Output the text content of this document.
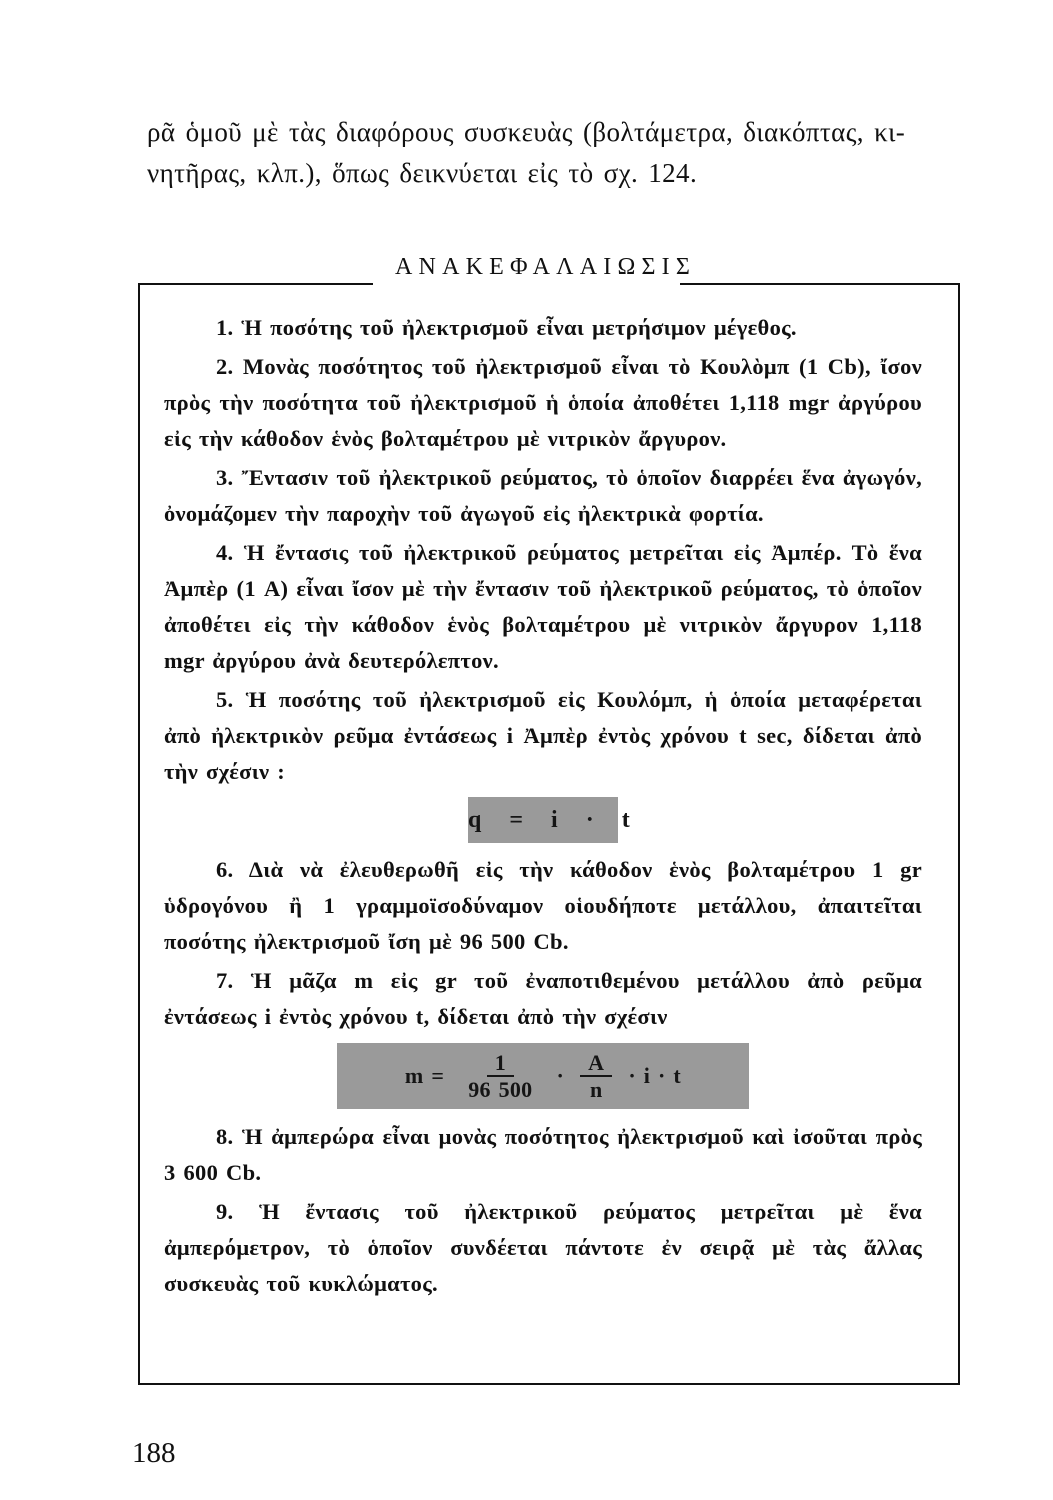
ρᾶ ὁμοῦ μὲ τὰς διαφόρους συσκευὰς (βολτάμετρα, διακόπτας, κι-

νητῆρας, κλπ.), ὅπως δεικνύεται εἰς τὸ σχ. 124.

ΑΝΑΚΕΦΑΛΑΙΩΣΙΣ

1. Ἡ ποσότης τοῦ ἠλεκτρισμοῦ εἶναι μετρήσιμον μέγεθος.

2. Μονὰς ποσότητος τοῦ ἠλεκτρισμοῦ εἶναι τὸ Κουλὸμπ (1 Cb), ἴσον πρὸς τὴν ποσότητα τοῦ ἠλεκτρισμοῦ ἡ ὁποία ἀποθέτει 1,118 mgr ἀργύρου εἰς τὴν κάθοδον ἑνὸς βολταμέτρου μὲ νιτρικὸν ἄργυρον.

3. Ἔντασιν τοῦ ἠλεκτρικοῦ ρεύματος, τὸ ὁποῖον διαρρέει ἕνα ἀγωγόν, ὀνομάζομεν τὴν παροχὴν τοῦ ἀγωγοῦ εἰς ἠλεκτρικὰ φορτία.

4. Ἡ ἔντασις τοῦ ἠλεκτρικοῦ ρεύματος μετρεῖται εἰς Ἀμπέρ. Τὸ ἕνα Ἀμπὲρ (1 A) εἶναι ἴσον μὲ τὴν ἔντασιν τοῦ ἠλεκτρικοῦ ρεύματος, τὸ ὁποῖον ἀποθέτει εἰς τὴν κάθοδον ἑνὸς βολταμέτρου μὲ νιτρικὸν ἄργυρον 1,118 mgr ἀργύρου ἀνὰ δευτερόλεπτον.

5. Ἡ ποσότης τοῦ ἠλεκτρισμοῦ εἰς Κουλόμπ, ἡ ὁποία μεταφέρεται ἀπὸ ἠλεκτρικὸν ρεῦμα ἐντάσεως i Ἀμπὲρ ἐντὸς χρόνου t sec, δίδεται ἀπὸ τὴν σχέσιν :

q = i · t

6. Διὰ νὰ ἐλευθερωθῆ εἰς τὴν κάθοδον ἑνὸς βολταμέτρου 1 gr ὑδρογόνου ἢ 1 γραμμοϊσοδύναμον οἱουδήποτε μετάλλου, ἀπαιτεῖται ποσότης ἠλεκτρισμοῦ ἴση μὲ 96 500 Cb.

7. Ἡ μᾶζα m εἰς gr τοῦ ἐναποτιθεμένου μετάλλου ἀπὸ ρεῦμα ἐντάσεως i ἐντὸς χρόνου t, δίδεται ἀπὸ τὴν σχέσιν

$m = \frac{1}{96 500} \cdot \frac{A}{n} \cdot i \cdot t$

8. Ἡ ἀμπερώρα εἶναι μονὰς ποσότητος ἠλεκτρισμοῦ καὶ ἰσοῦται πρὸς 3 600 Cb.

9. Ἡ ἔντασις τοῦ ἠλεκτρικοῦ ρεύματος μετρεῖται μὲ ἕνα ἀμπερόμετρον, τὸ ὁποῖον συνδέεται πάντοτε ἐν σειρᾷ μὲ τὰς ἄλλας συσκευὰς τοῦ κυκλώματος.

188
